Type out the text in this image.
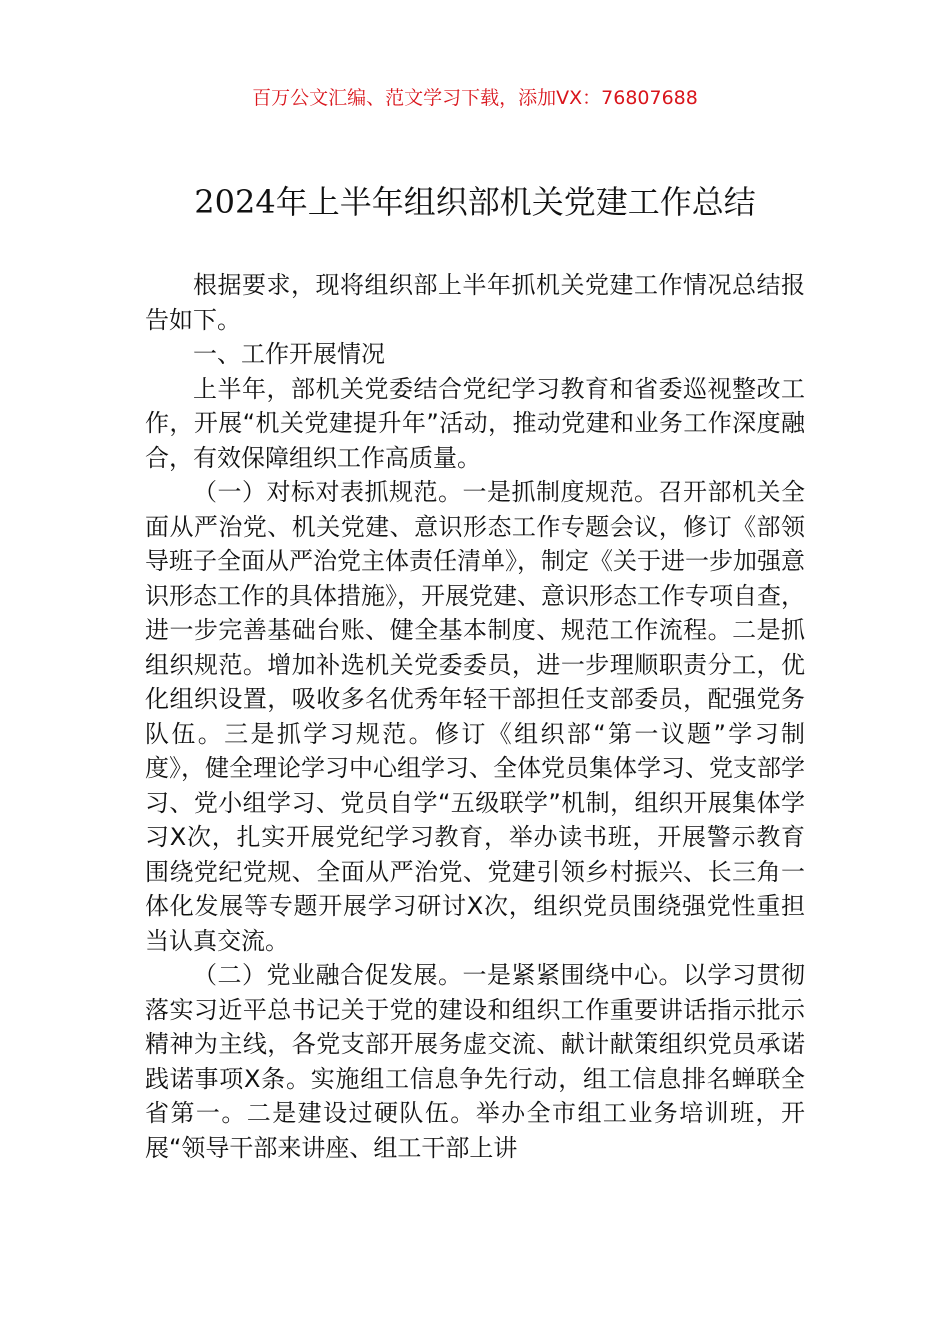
百万公文汇编、范文学习下载，添加VX：76807688
2024年上半年组织部机关党建工作总结

根据要求，现将组织部上半年抓机关党建工作情况总结报告如下。

一、工作开展情况

上半年，部机关党委结合党纪学习教育和省委巡视整改工作，开展“机关党建提升年”活动，推动党建和业务工作深度融合，有效保障组织工作高质量。

（一）对标对表抓规范。一是抓制度规范。召开部机关全面从严治党、机关党建、意识形态工作专题会议，修订《部领导班子全面从严治党主体责任清单》，制定《关于进一步加强意识形态工作的具体措施》，开展党建、意识形态工作专项自查，进一步完善基础台账、健全基本制度、规范工作流程。二是抓组织规范。增加补选机关党委委员，进一步理顺职责分工，优化组织设置，吸收多名优秀年轻干部担任支部委员，配强党务队伍。三是抓学习规范。修订《组织部“第一议题”学习制度》，健全理论学习中心组学习、全体党员集体学习、党支部学习、党小组学习、党员自学“五级联学”机制，组织开展集体学习X次，扎实开展党纪学习教育，举办读书班，开展警示教育围绕党纪党规、全面从严治党、党建引领乡村振兴、长三角一体化发展等专题开展学习研讨X次，组织党员围绕强党性重担当认真交流。

（二）党业融合促发展。一是紧紧围绕中心。以学习贯彻落实习近平总书记关于党的建设和组织工作重要讲话指示批示精神为主线，各党支部开展务虚交流、献计献策组织党员承诺践诺事项X条。实施组工信息争先行动，组工信息排名蝉联全省第一。二是建设过硬队伍。举办全市组工业务培训班，开展“领导干部来讲座、组工干部上讲
